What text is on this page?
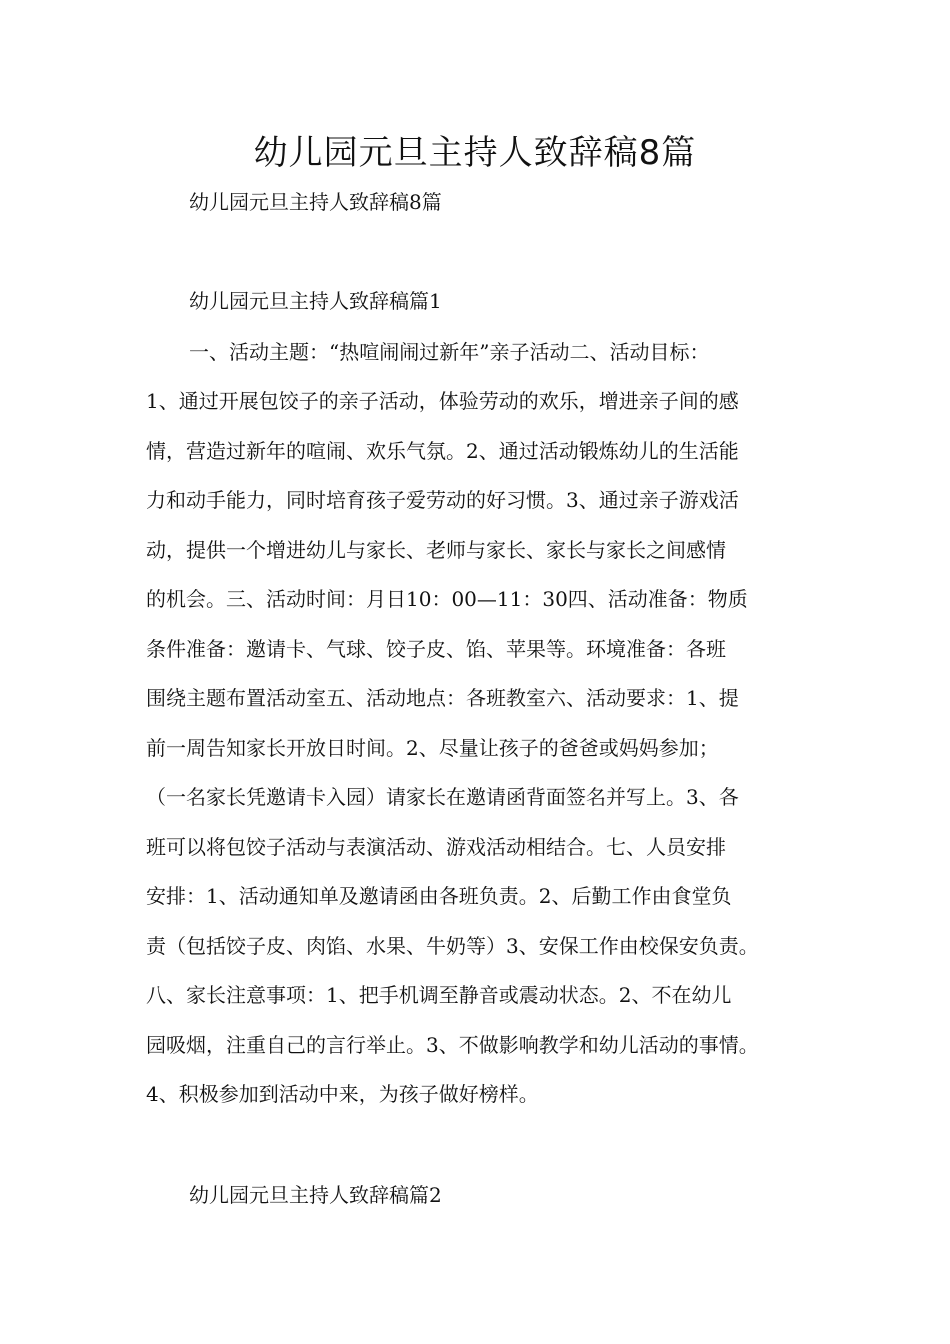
幼儿园元旦主持人致辞稿8篇

幼儿园元旦主持人致辞稿8篇

幼儿园元旦主持人致辞稿篇1

一、活动主题：“热喧闹闹过新年”亲子活动二、活动目标：

1、通过开展包饺子的亲子活动，体验劳动的欢乐，增进亲子间的感

情，营造过新年的喧闹、欢乐气氛。2、通过活动锻炼幼儿的生活能

力和动手能力，同时培育孩子爱劳动的好习惯。3、通过亲子游戏活

动，提供一个增进幼儿与家长、老师与家长、家长与家长之间感情

的机会。三、活动时间：月日10：00—11：30四、活动准备：物质

条件准备：邀请卡、气球、饺子皮、馅、苹果等。环境准备：各班

围绕主题布置活动室五、活动地点：各班教室六、活动要求：1、提

前一周告知家长开放日时间。2、尽量让孩子的爸爸或妈妈参加；

（一名家长凭邀请卡入园）请家长在邀请函背面签名并写上。3、各

班可以将包饺子活动与表演活动、游戏活动相结合。七、人员安排

安排：1、活动通知单及邀请函由各班负责。2、后勤工作由食堂负

责（包括饺子皮、肉馅、水果、牛奶等）3、安保工作由校保安负责。

八、家长注意事项：1、把手机调至静音或震动状态。2、不在幼儿

园吸烟，注重自己的言行举止。3、不做影响教学和幼儿活动的事情。

4、积极参加到活动中来，为孩子做好榜样。

幼儿园元旦主持人致辞稿篇2
